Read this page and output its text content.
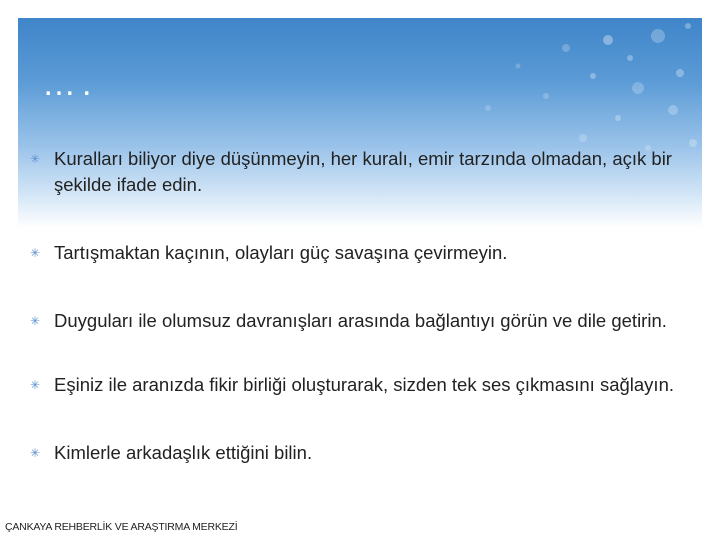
….
✳ Kuralları biliyor diye düşünmeyin, her kuralı, emir tarzında olmadan, açık bir şekilde ifade edin.
✳ Tartışmaktan kaçının, olayları güç savaşına çevirmeyin.
✳ Duyguları ile olumsuz davranışları arasında bağlantıyı görün ve dile getirin.
✳ Eşiniz ile aranızda fikir birliği oluşturarak, sizden tek ses çıkmasını sağlayın.
✳ Kimlerle arkadaşlık ettiğini bilin.
ÇANKAYA REHBERLİK VE ARAŞTIRMA MERKEZİ
